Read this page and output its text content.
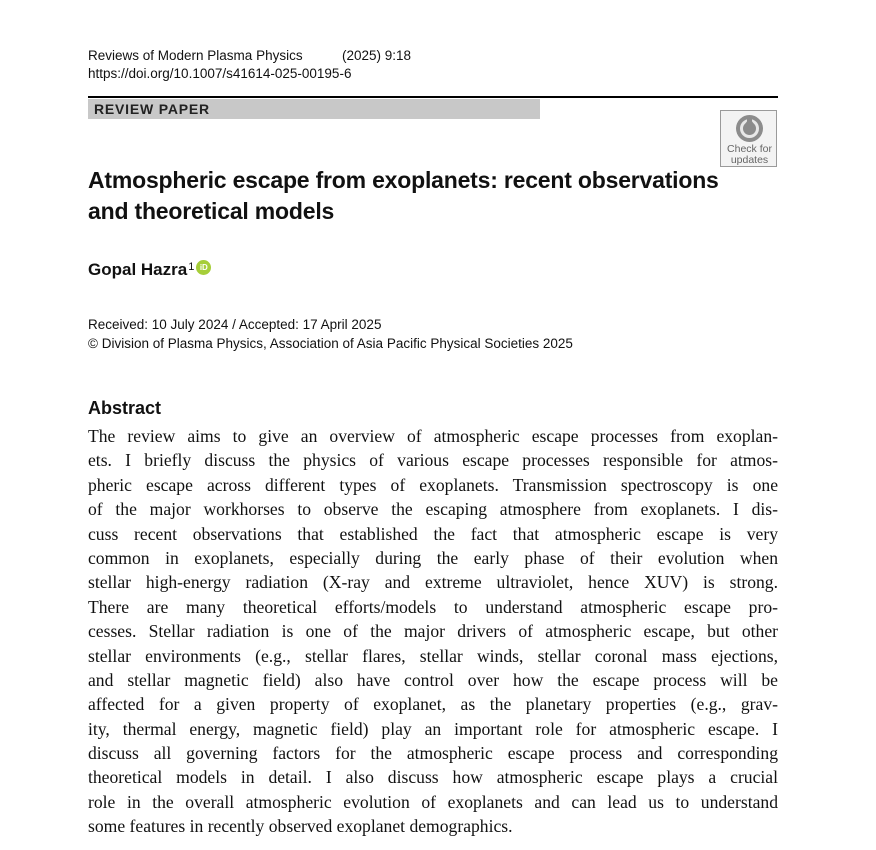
Reviews of Modern Plasma Physics	(2025) 9:18
https://doi.org/10.1007/s41614-025-00195-6
REVIEW PAPER
Check for updates
Atmospheric escape from exoplanets: recent observations and theoretical models
Gopal Hazra$^1$ iD
Received: 10 July 2024 / Accepted: 17 April 2025
© Division of Plasma Physics, Association of Asia Pacific Physical Societies 2025
Abstract
The review aims to give an overview of atmospheric escape processes from exoplan-
ets. I briefly discuss the physics of various escape processes responsible for atmos-
pheric escape across different types of exoplanets. Transmission spectroscopy is one
of the major workhorses to observe the escaping atmosphere from exoplanets. I dis-
cuss recent observations that established the fact that atmospheric escape is very
common in exoplanets, especially during the early phase of their evolution when
stellar high-energy radiation (X-ray and extreme ultraviolet, hence XUV) is strong.
There are many theoretical efforts/models to understand atmospheric escape pro-
cesses. Stellar radiation is one of the major drivers of atmospheric escape, but other
stellar environments (e.g., stellar flares, stellar winds, stellar coronal mass ejections,
and stellar magnetic field) also have control over how the escape process will be
affected for a given property of exoplanet, as the planetary properties (e.g., grav-
ity, thermal energy, magnetic field) play an important role for atmospheric escape. I
discuss all governing factors for the atmospheric escape process and corresponding
theoretical models in detail. I also discuss how atmospheric escape plays a crucial
role in the overall atmospheric evolution of exoplanets and can lead us to understand
some features in recently observed exoplanet demographics.
